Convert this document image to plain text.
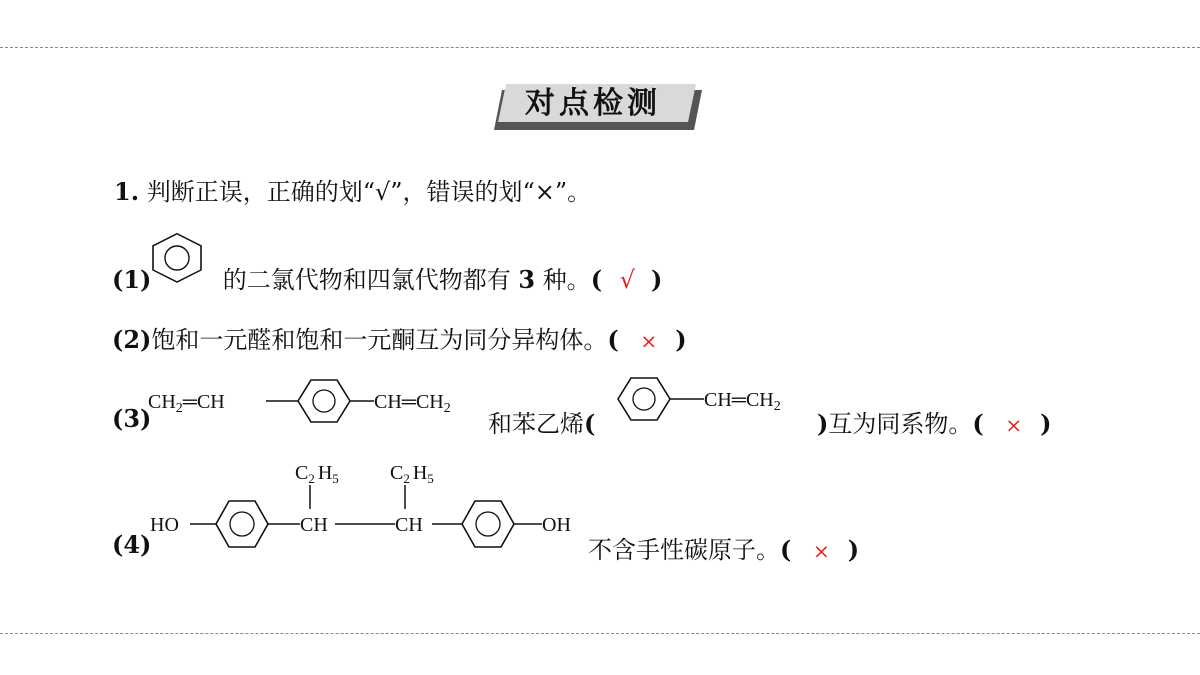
对点检测
1. 判断正误，正确的划“√”，错误的划“×”。
(1)	的二氯代物和四氯代物都有 3 种。( √ )
(2)饱和一元醛和饱和一元酮互为同分异构体。( × )
(3)
$CH_2═CH$	$CH═CH_2$
和苯乙烯(
$CH═CH_2$
)互为同系物。( × )
(4)
HO	CH
$C_2$ $H_5$
CH
$C_2$ $H_5$
OH
不含手性碳原子。( × )
